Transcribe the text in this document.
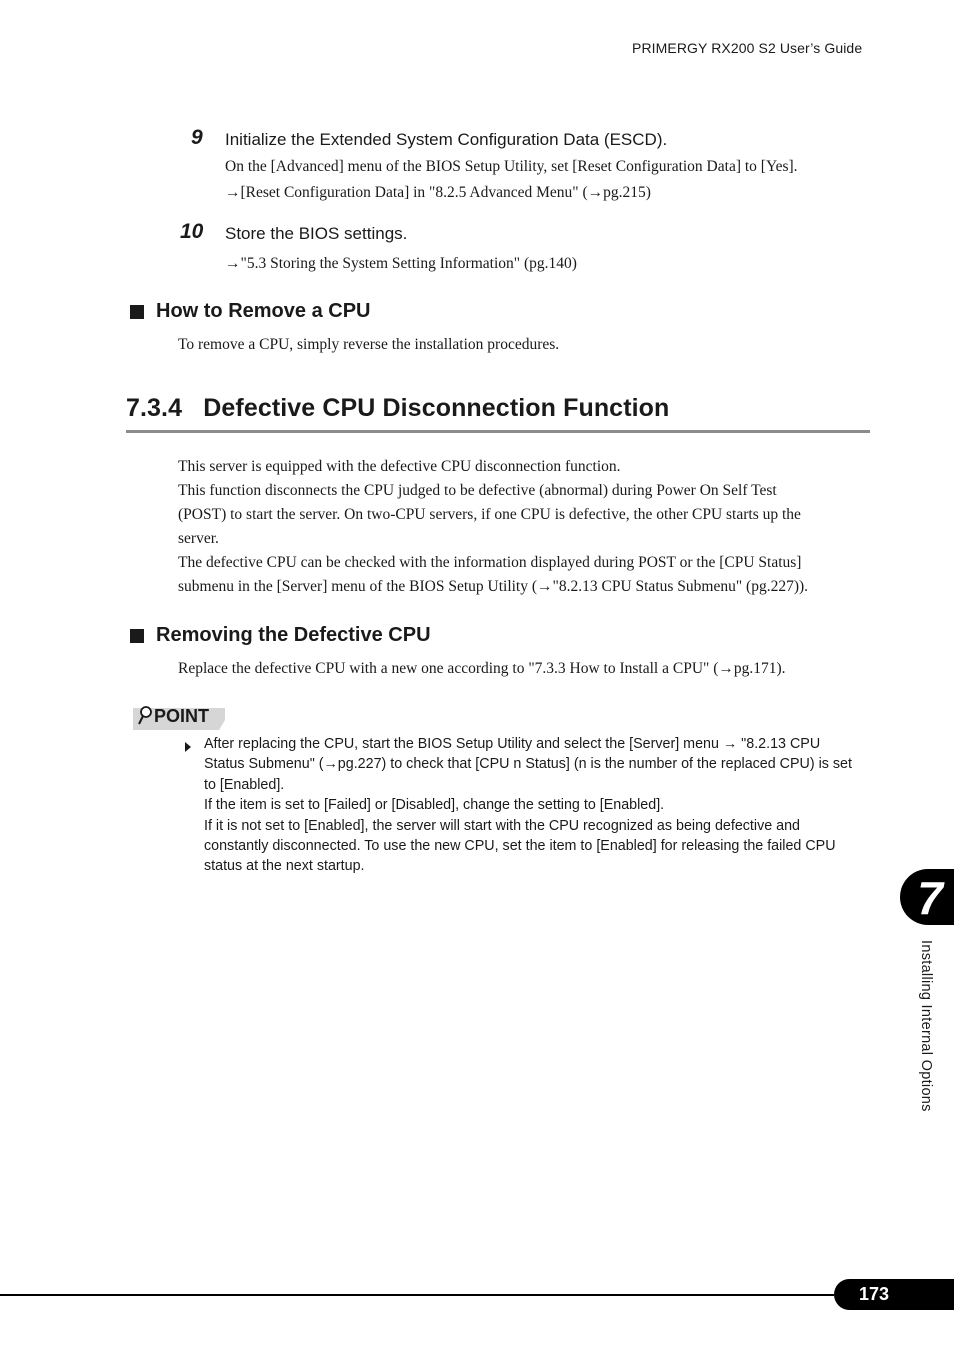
PRIMERGY RX200 S2 User’s Guide
9 Initialize the Extended System Configuration Data (ESCD).
On the [Advanced] menu of the BIOS Setup Utility, set [Reset Configuration Data] to [Yes].
→[Reset Configuration Data] in "8.2.5 Advanced Menu" (→pg.215)
10 Store the BIOS settings.
→"5.3 Storing the System Setting Information" (pg.140)
How to Remove a CPU
To remove a CPU, simply reverse the installation procedures.
7.3.4   Defective CPU Disconnection Function
This server is equipped with the defective CPU disconnection function.
This function disconnects the CPU judged to be defective (abnormal) during Power On Self Test
(POST) to start the server. On two-CPU servers, if one CPU is defective, the other CPU starts up the
server.
The defective CPU can be checked with the information displayed during POST or the [CPU Status]
submenu in the [Server] menu of the BIOS Setup Utility (→"8.2.13 CPU Status Submenu" (pg.227)).
Removing the Defective CPU
Replace the defective CPU with a new one according to "7.3.3 How to Install a CPU" (→pg.171).
POINT
After replacing the CPU, start the BIOS Setup Utility and select the [Server] menu → "8.2.13 CPU
Status Submenu" (→pg.227) to check that [CPU n Status] (n is the number of the replaced CPU) is set
to [Enabled].
If the item is set to [Failed] or [Disabled], change the setting to [Enabled].
If it is not set to [Enabled], the server will start with the CPU recognized as being defective and
constantly disconnected. To use the new CPU, set the item to [Enabled] for releasing the failed CPU
status at the next startup.
7
Installing Internal Options
173
